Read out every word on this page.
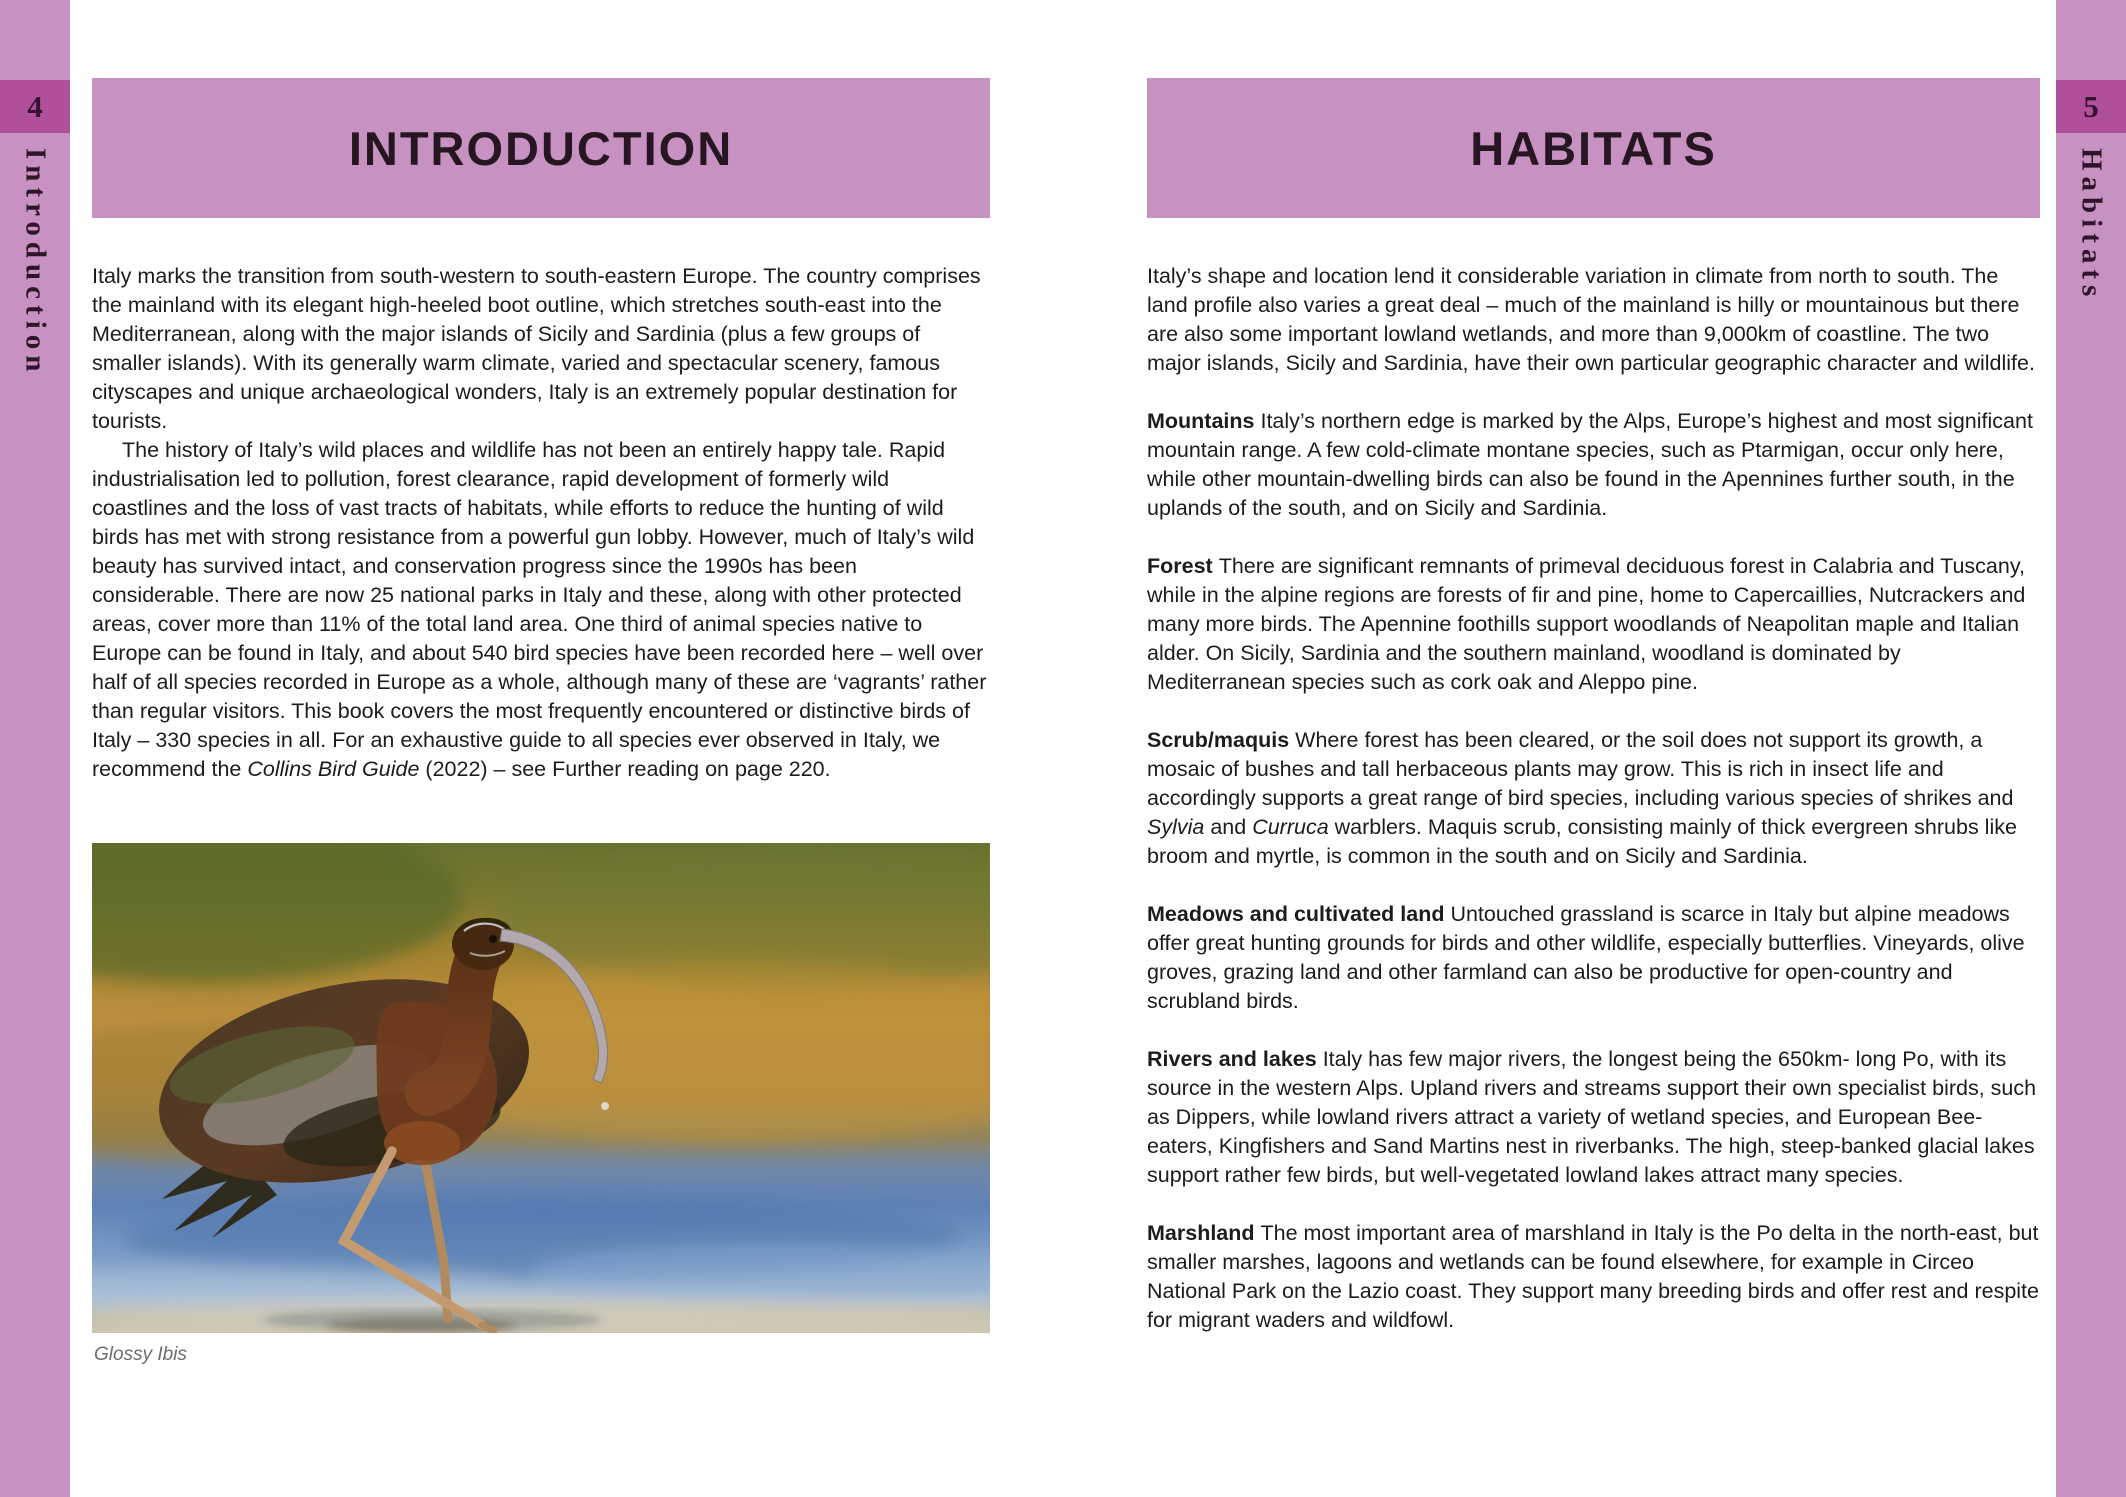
4
Introduction
5
Habitats
INTRODUCTION

Italy marks the transition from south-western to south-eastern Europe. The country comprises the mainland with its elegant high-heeled boot outline, which stretches south-east into the Mediterranean, along with the major islands of Sicily and Sardinia (plus a few groups of smaller islands). With its generally warm climate, varied and spectacular scenery, famous cityscapes and unique archaeological wonders, Italy is an extremely popular destination for tourists.

The history of Italy’s wild places and wildlife has not been an entirely happy tale. Rapid industrialisation led to pollution, forest clearance, rapid development of formerly wild coastlines and the loss of vast tracts of habitats, while efforts to reduce the hunting of wild birds has met with strong resistance from a powerful gun lobby. However, much of Italy’s wild beauty has survived intact, and conservation progress since the 1990s has been considerable. There are now 25 national parks in Italy and these, along with other protected areas, cover more than 11% of the total land area. One third of animal species native to Europe can be found in Italy, and about 540 bird species have been recorded here – well over half of all species recorded in Europe as a whole, although many of these are ‘vagrants’ rather than regular visitors. This book covers the most frequently encountered or distinctive birds of Italy – 330 species in all. For an exhaustive guide to all species ever observed in Italy, we recommend the Collins Bird Guide (2022) – see Further reading on page 220.

Glossy Ibis
HABITATS

Italy’s shape and location lend it considerable variation in climate from north to south. The land profile also varies a great deal – much of the mainland is hilly or mountainous but there are also some important lowland wetlands, and more than 9,000km of coastline. The two major islands, Sicily and Sardinia, have their own particular geographic character and wildlife.

Mountains Italy’s northern edge is marked by the Alps, Europe’s highest and most significant mountain range. A few cold-climate montane species, such as Ptarmigan, occur only here, while other mountain-dwelling birds can also be found in the Apennines further south, in the uplands of the south, and on Sicily and Sardinia.

Forest There are significant remnants of primeval deciduous forest in Calabria and Tuscany, while in the alpine regions are forests of fir and pine, home to Capercaillies, Nutcrackers and many more birds. The Apennine foothills support woodlands of Neapolitan maple and Italian alder. On Sicily, Sardinia and the southern mainland, woodland is dominated by Mediterranean species such as cork oak and Aleppo pine.

Scrub/maquis Where forest has been cleared, or the soil does not support its growth, a mosaic of bushes and tall herbaceous plants may grow. This is rich in insect life and accordingly supports a great range of bird species, including various species of shrikes and Sylvia and Curruca warblers. Maquis scrub, consisting mainly of thick evergreen shrubs like broom and myrtle, is common in the south and on Sicily and Sardinia.

Meadows and cultivated land Untouched grassland is scarce in Italy but alpine meadows offer great hunting grounds for birds and other wildlife, especially butterflies. Vineyards, olive groves, grazing land and other farmland can also be productive for open-country and scrubland birds.

Rivers and lakes Italy has few major rivers, the longest being the 650km- long Po, with its source in the western Alps. Upland rivers and streams support their own specialist birds, such as Dippers, while lowland rivers attract a variety of wetland species, and European Bee-eaters, Kingfishers and Sand Martins nest in riverbanks. The high, steep-banked glacial lakes support rather few birds, but well-vegetated lowland lakes attract many species.

Marshland The most important area of marshland in Italy is the Po delta in the north-east, but smaller marshes, lagoons and wetlands can be found elsewhere, for example in Circeo National Park on the Lazio coast. They support many breeding birds and offer rest and respite for migrant waders and wildfowl.
